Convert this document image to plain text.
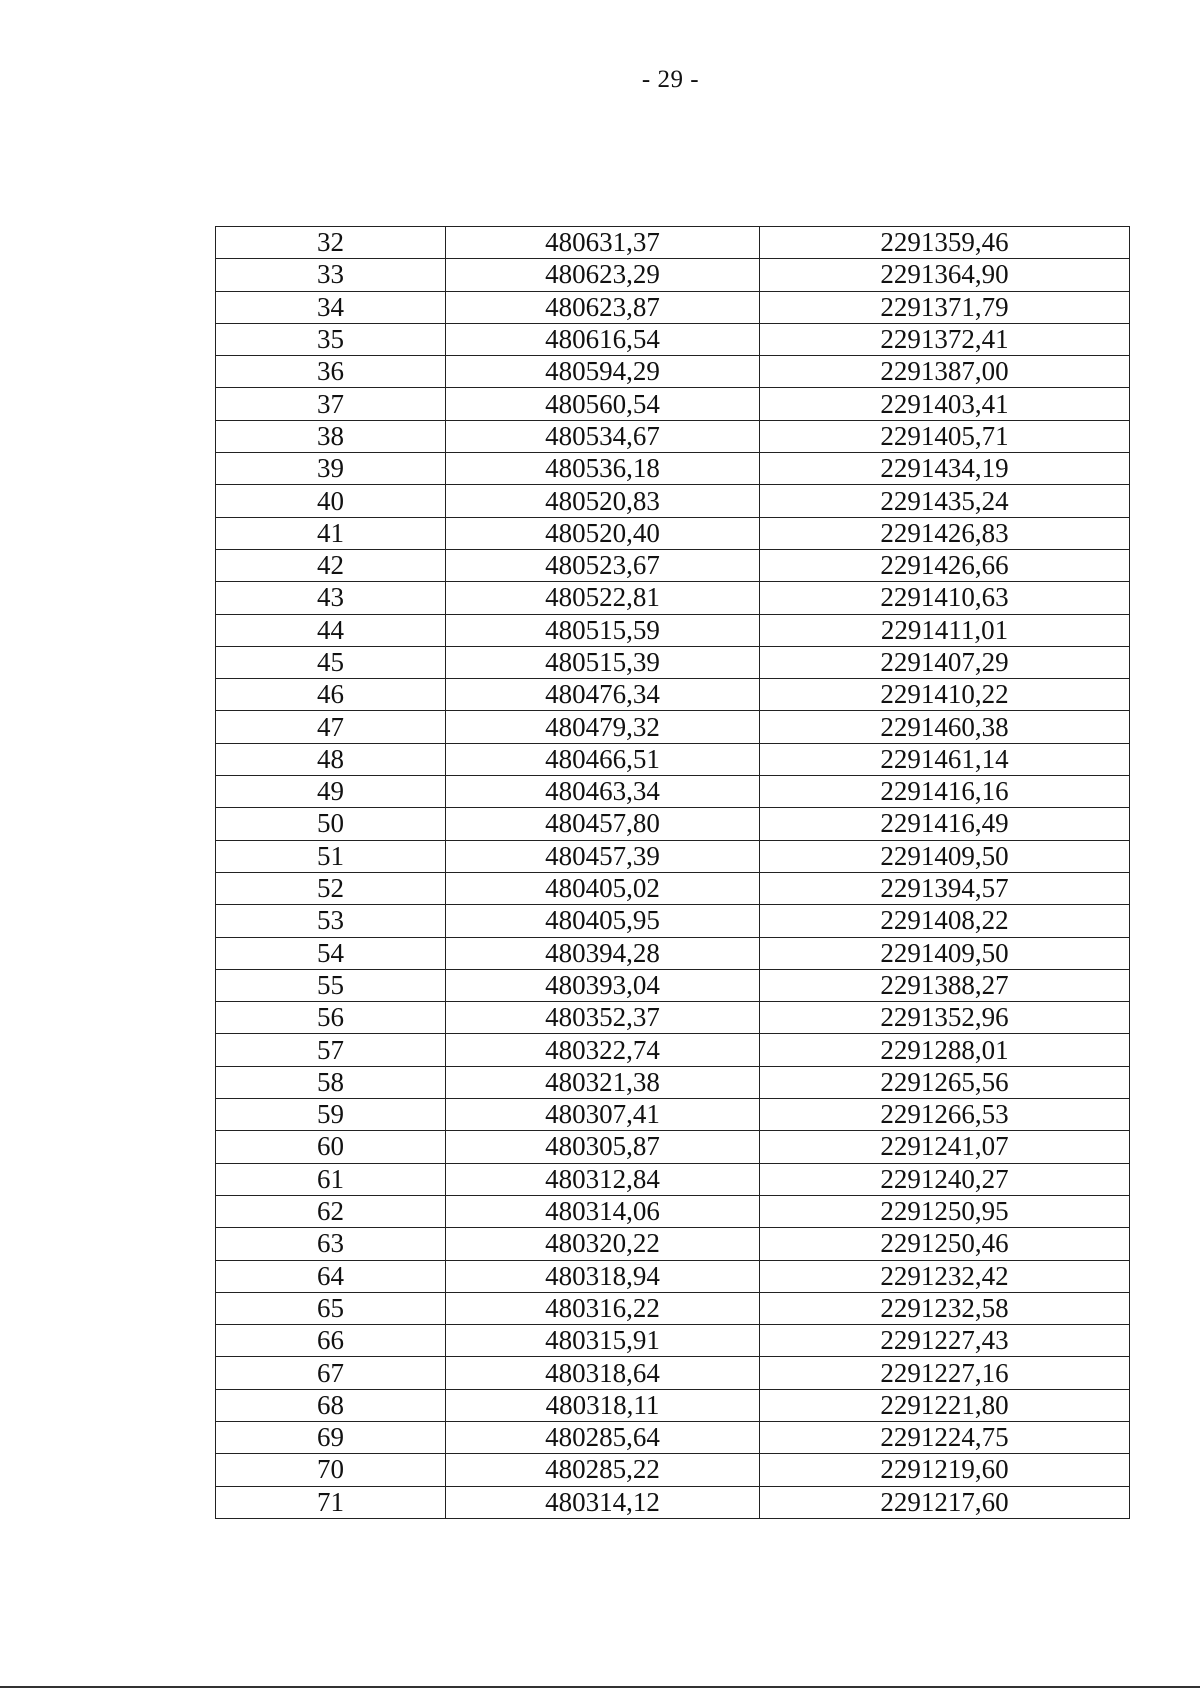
- 29 -
32	480631,37	2291359,46
33	480623,29	2291364,90
34	480623,87	2291371,79
35	480616,54	2291372,41
36	480594,29	2291387,00
37	480560,54	2291403,41
38	480534,67	2291405,71
39	480536,18	2291434,19
40	480520,83	2291435,24
41	480520,40	2291426,83
42	480523,67	2291426,66
43	480522,81	2291410,63
44	480515,59	2291411,01
45	480515,39	2291407,29
46	480476,34	2291410,22
47	480479,32	2291460,38
48	480466,51	2291461,14
49	480463,34	2291416,16
50	480457,80	2291416,49
51	480457,39	2291409,50
52	480405,02	2291394,57
53	480405,95	2291408,22
54	480394,28	2291409,50
55	480393,04	2291388,27
56	480352,37	2291352,96
57	480322,74	2291288,01
58	480321,38	2291265,56
59	480307,41	2291266,53
60	480305,87	2291241,07
61	480312,84	2291240,27
62	480314,06	2291250,95
63	480320,22	2291250,46
64	480318,94	2291232,42
65	480316,22	2291232,58
66	480315,91	2291227,43
67	480318,64	2291227,16
68	480318,11	2291221,80
69	480285,64	2291224,75
70	480285,22	2291219,60
71	480314,12	2291217,60
